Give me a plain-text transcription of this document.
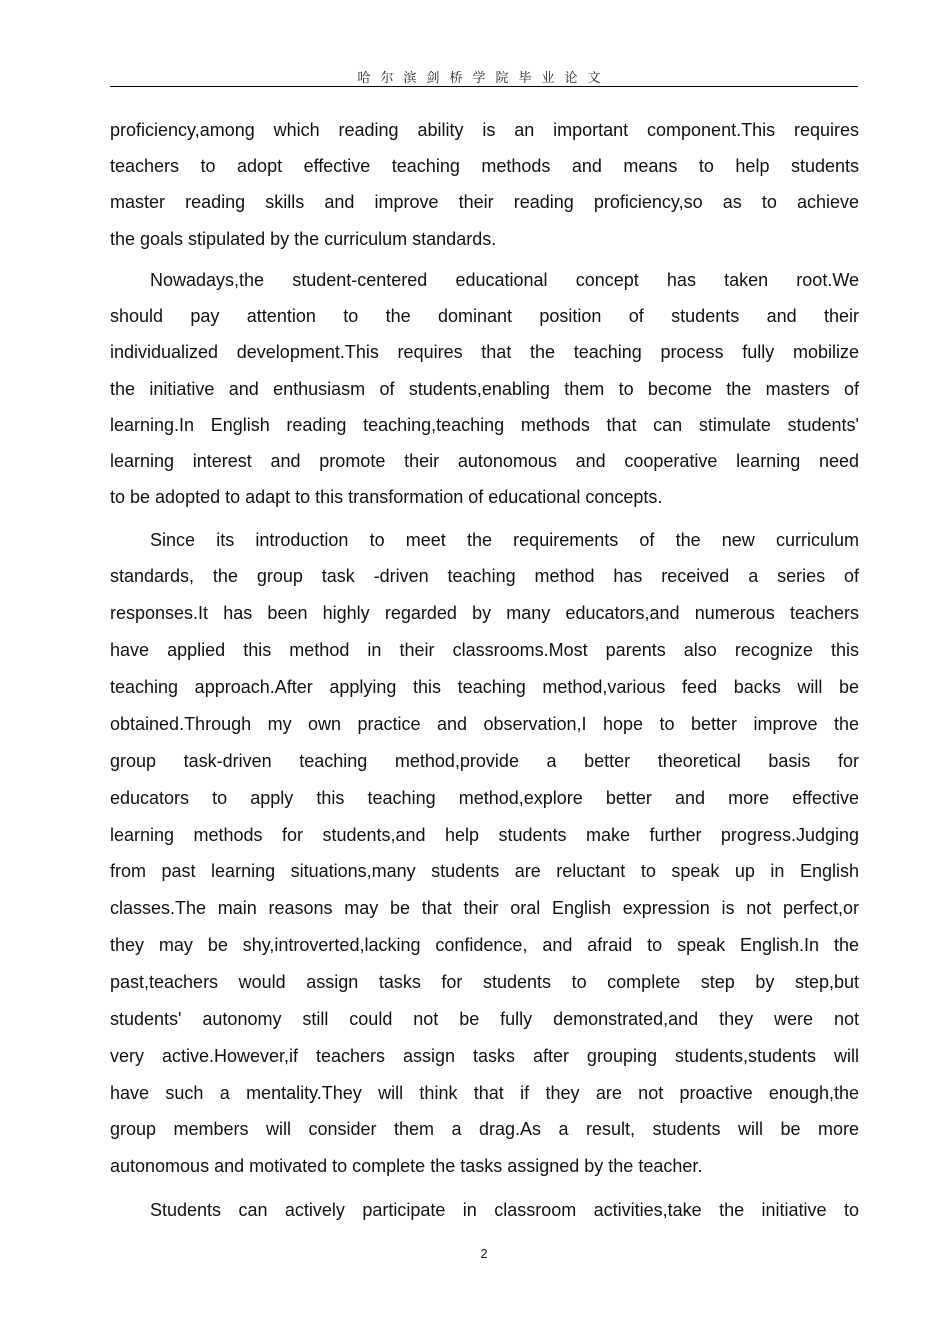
哈尔滨剑桥学院毕业论文
proficiency,among which reading ability is an important component.This requires
teachers to adopt effective teaching methods and means to help students
master reading skills and improve their reading proficiency,so as to achieve
the goals stipulated by the curriculum standards.
Nowadays,the student-centered educational concept has taken root.We
should pay attention to the dominant position of students and their
individualized development.This requires that the teaching process fully mobilize
the initiative and enthusiasm of students,enabling them to become the masters of
learning.In English reading teaching,teaching methods that can stimulate students'
learning interest and promote their autonomous and cooperative learning need
to be adopted to adapt to this transformation of educational concepts.
Since its introduction to meet the requirements of the new curriculum
standards, the group task -driven teaching method has received a series of
responses.It has been highly regarded by many educators,and numerous teachers
have applied this method in their classrooms.Most parents also recognize this
teaching approach.After applying this teaching method,various feed backs will be
obtained.Through my own practice and observation,I hope to better improve the
group task-driven teaching method,provide a better theoretical basis for
educators to apply this teaching method,explore better and more effective
learning methods for students,and help students make further progress.Judging
from past learning situations,many students are reluctant to speak up in English
classes.The main reasons may be that their oral English expression is not perfect,or
they may be shy,introverted,lacking confidence, and afraid to speak English.In the
past,teachers would assign tasks for students to complete step by step,but
students' autonomy still could not be fully demonstrated,and they were not
very active.However,if teachers assign tasks after grouping students,students will
have such a mentality.They will think that if they are not proactive enough,the
group members will consider them a drag.As a result, students will be more
autonomous and motivated to complete the tasks assigned by the teacher.
Students can actively participate in classroom activities,take the initiative to
2
